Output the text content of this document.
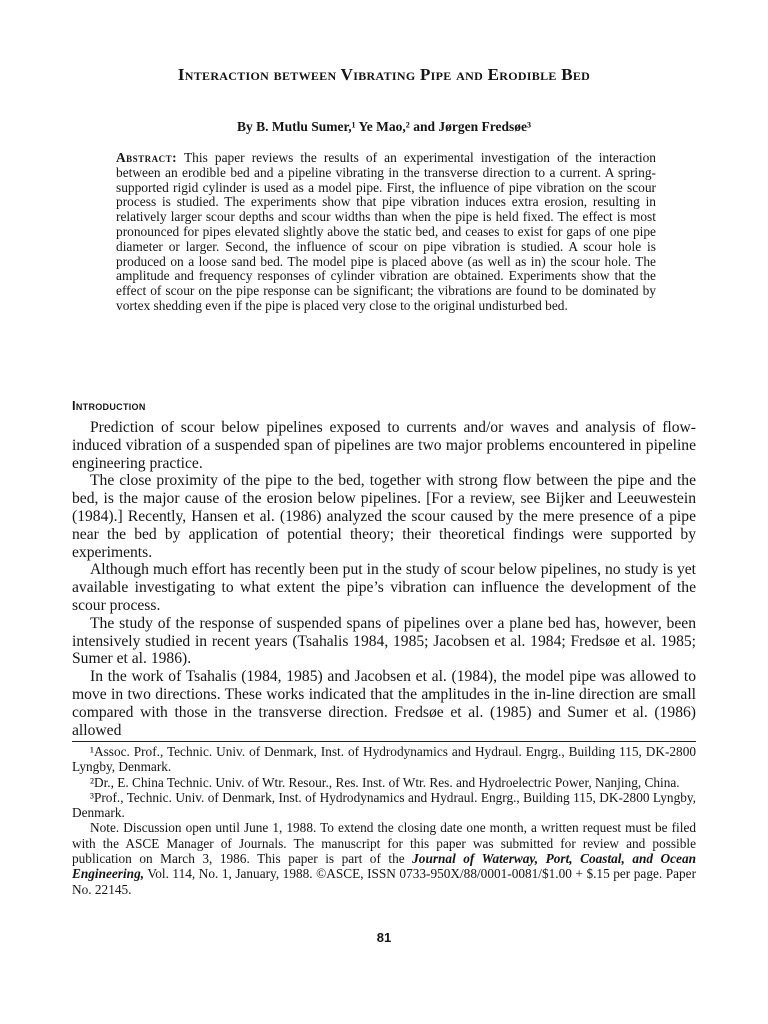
Interaction between Vibrating Pipe and Erodible Bed
By B. Mutlu Sumer,¹ Ye Mao,² and Jørgen Fredsøe³

Abstract: This paper reviews the results of an experimental investigation of the interaction between an erodible bed and a pipeline vibrating in the transverse direction to a current. A spring-supported rigid cylinder is used as a model pipe. First, the influence of pipe vibration on the scour process is studied. The experiments show that pipe vibration induces extra erosion, resulting in relatively larger scour depths and scour widths than when the pipe is held fixed. The effect is most pronounced for pipes elevated slightly above the static bed, and ceases to exist for gaps of one pipe diameter or larger. Second, the influence of scour on pipe vibration is studied. A scour hole is produced on a loose sand bed. The model pipe is placed above (as well as in) the scour hole. The amplitude and frequency responses of cylinder vibration are obtained. Experiments show that the effect of scour on the pipe response can be significant; the vibrations are found to be dominated by vortex shedding even if the pipe is placed very close to the original undisturbed bed.

Introduction

Prediction of scour below pipelines exposed to currents and/or waves and analysis of flow-induced vibration of a suspended span of pipelines are two major problems encountered in pipeline engineering practice.

The close proximity of the pipe to the bed, together with strong flow between the pipe and the bed, is the major cause of the erosion below pipelines. [For a review, see Bijker and Leeuwestein (1984).] Recently, Hansen et al. (1986) analyzed the scour caused by the mere presence of a pipe near the bed by application of potential theory; their theoretical findings were supported by experiments.

Although much effort has recently been put in the study of scour below pipelines, no study is yet available investigating to what extent the pipe’s vibration can influence the development of the scour process.

The study of the response of suspended spans of pipelines over a plane bed has, however, been intensively studied in recent years (Tsahalis 1984, 1985; Jacobsen et al. 1984; Fredsøe et al. 1985; Sumer et al. 1986).

In the work of Tsahalis (1984, 1985) and Jacobsen et al. (1984), the model pipe was allowed to move in two directions. These works indicated that the amplitudes in the in-line direction are small compared with those in the transverse direction. Fredsøe et al. (1985) and Sumer et al. (1986) allowed

¹Assoc. Prof., Technic. Univ. of Denmark, Inst. of Hydrodynamics and Hydraul. Engrg., Building 115, DK-2800 Lyngby, Denmark.

²Dr., E. China Technic. Univ. of Wtr. Resour., Res. Inst. of Wtr. Res. and Hydroelectric Power, Nanjing, China.

³Prof., Technic. Univ. of Denmark, Inst. of Hydrodynamics and Hydraul. Engrg., Building 115, DK-2800 Lyngby, Denmark.

Note. Discussion open until June 1, 1988. To extend the closing date one month, a written request must be filed with the ASCE Manager of Journals. The manuscript for this paper was submitted for review and possible publication on March 3, 1986. This paper is part of the Journal of Waterway, Port, Coastal, and Ocean Engineering, Vol. 114, No. 1, January, 1988. ©ASCE, ISSN 0733-950X/88/0001-0081/$1.00 + $.15 per page. Paper No. 22145.

81
